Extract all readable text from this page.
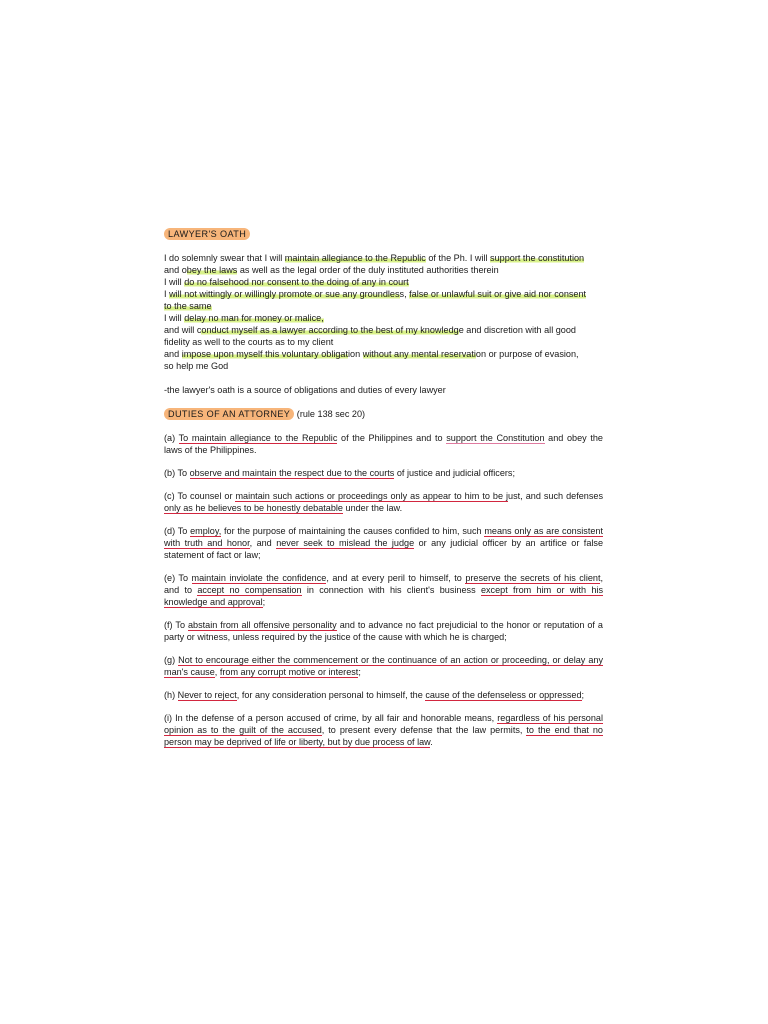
LAWYER'S OATH
I do solemnly swear that I will maintain allegiance to the Republic of the Ph. I will support the constitution
and obey the laws as well as the legal order of the duly instituted authorities therein
I will do no falsehood nor consent to the doing of any in court
I will not wittingly or willingly promote or sue any groundless, false or unlawful suit or give aid nor consent
to the same
I will delay no man for money or malice,
and will conduct myself as a lawyer according to the best of my knowledge and discretion with all good
fidelity as well to the courts as to my client
and impose upon myself this voluntary obligation without any mental reservation or purpose of evasion,
so help me God

-the lawyer's oath is a source of obligations and duties of every lawyer

DUTIES OF AN ATTORNEY (rule 138 sec 20)

(a) To maintain allegiance to the Republic of the Philippines and to support the Constitution and obey the laws of the Philippines.

(b) To observe and maintain the respect due to the courts of justice and judicial officers;

(c) To counsel or maintain such actions or proceedings only as appear to him to be just, and such defenses only as he believes to be honestly debatable under the law.

(d) To employ, for the purpose of maintaining the causes confided to him, such means only as are consistent with truth and honor, and never seek to mislead the judge or any judicial officer by an artifice or false statement of fact or law;

(e) To maintain inviolate the confidence, and at every peril to himself, to preserve the secrets of his client, and to accept no compensation in connection with his client's business except from him or with his knowledge and approval;

(f) To abstain from all offensive personality and to advance no fact prejudicial to the honor or reputation of a party or witness, unless required by the justice of the cause with which he is charged;

(g) Not to encourage either the commencement or the continuance of an action or proceeding, or delay any man's cause, from any corrupt motive or interest;

(h) Never to reject, for any consideration personal to himself, the cause of the defenseless or oppressed;

(i) In the defense of a person accused of crime, by all fair and honorable means, regardless of his personal opinion as to the guilt of the accused, to present every defense that the law permits, to the end that no person may be deprived of life or liberty, but by due process of law.
